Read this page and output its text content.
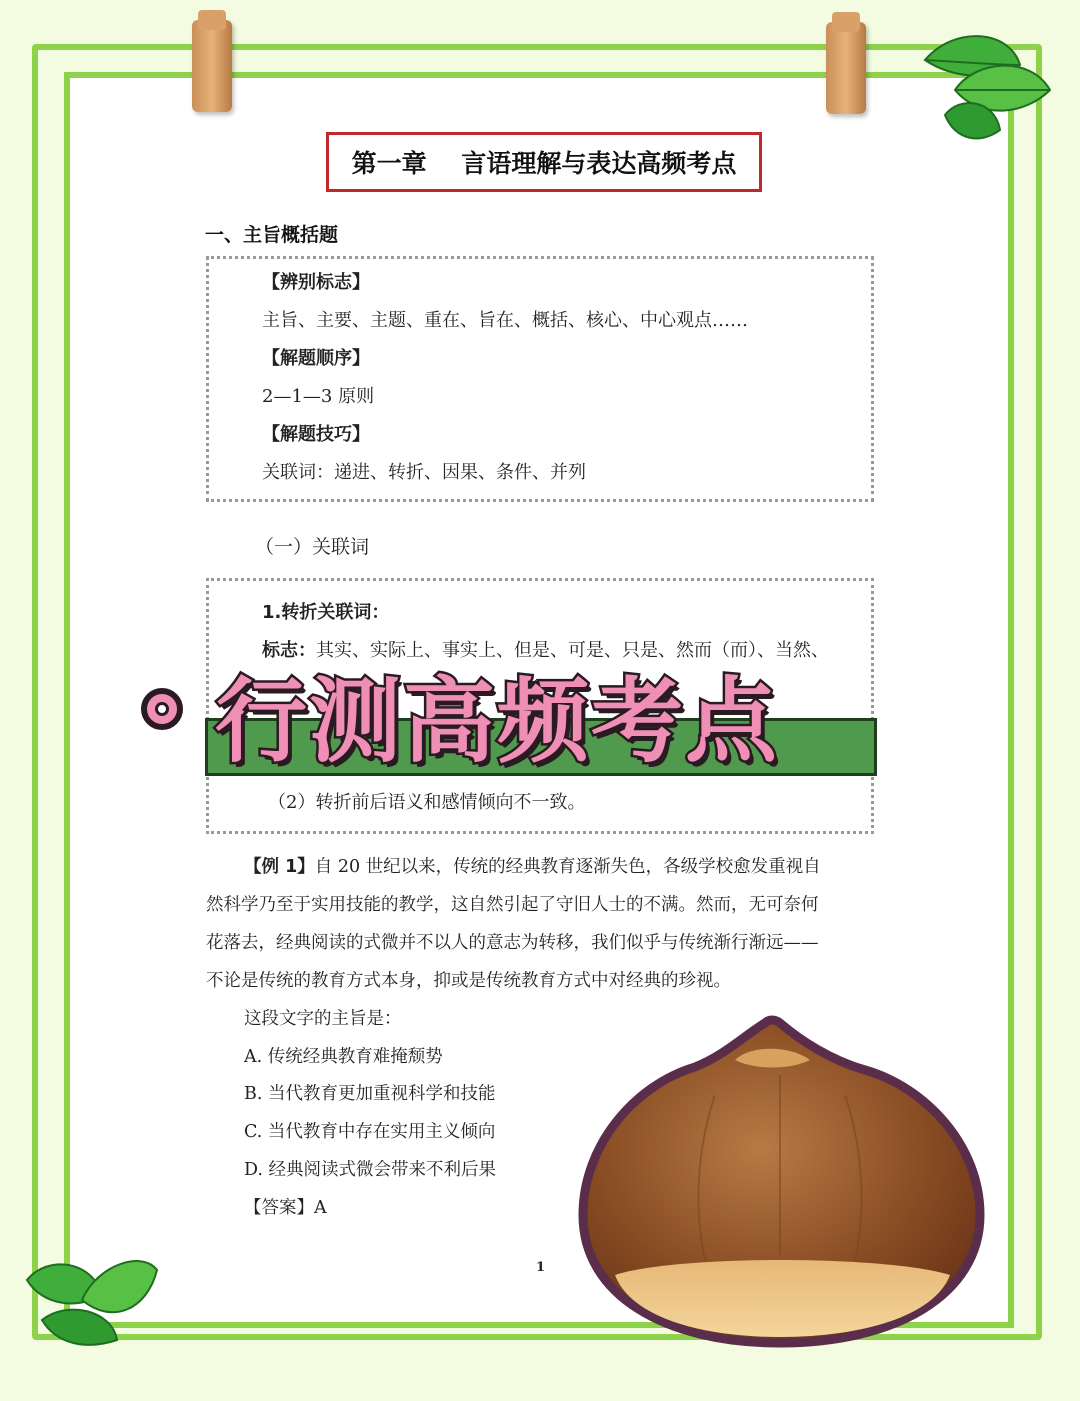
第一章    言语理解与表达高频考点
一、主旨概括题
【辨别标志】
主旨、主要、主题、重在、旨在、概括、核心、中心观点……
【解题顺序】
2—1—3 原则
【解题技巧】
关联词：递进、转折、因果、条件、并列
（一）关联词
1.转折关联词：
标志：其实、实际上、事实上、但是、可是、只是、然而（而）、当然、
（2）转折前后语义和感情倾向不一致。
行测高频考点
【例 1】自 20 世纪以来，传统的经典教育逐渐失色，各级学校愈发重视自
然科学乃至于实用技能的教学，这自然引起了守旧人士的不满。然而，无可奈何
花落去，经典阅读的式微并不以人的意志为转移，我们似乎与传统渐行渐远——
不论是传统的教育方式本身，抑或是传统教育方式中对经典的珍视。
这段文字的主旨是：
A. 传统经典教育难掩颓势
B. 当代教育更加重视科学和技能
C. 当代教育中存在实用主义倾向
D. 经典阅读式微会带来不利后果
【答案】A
1
